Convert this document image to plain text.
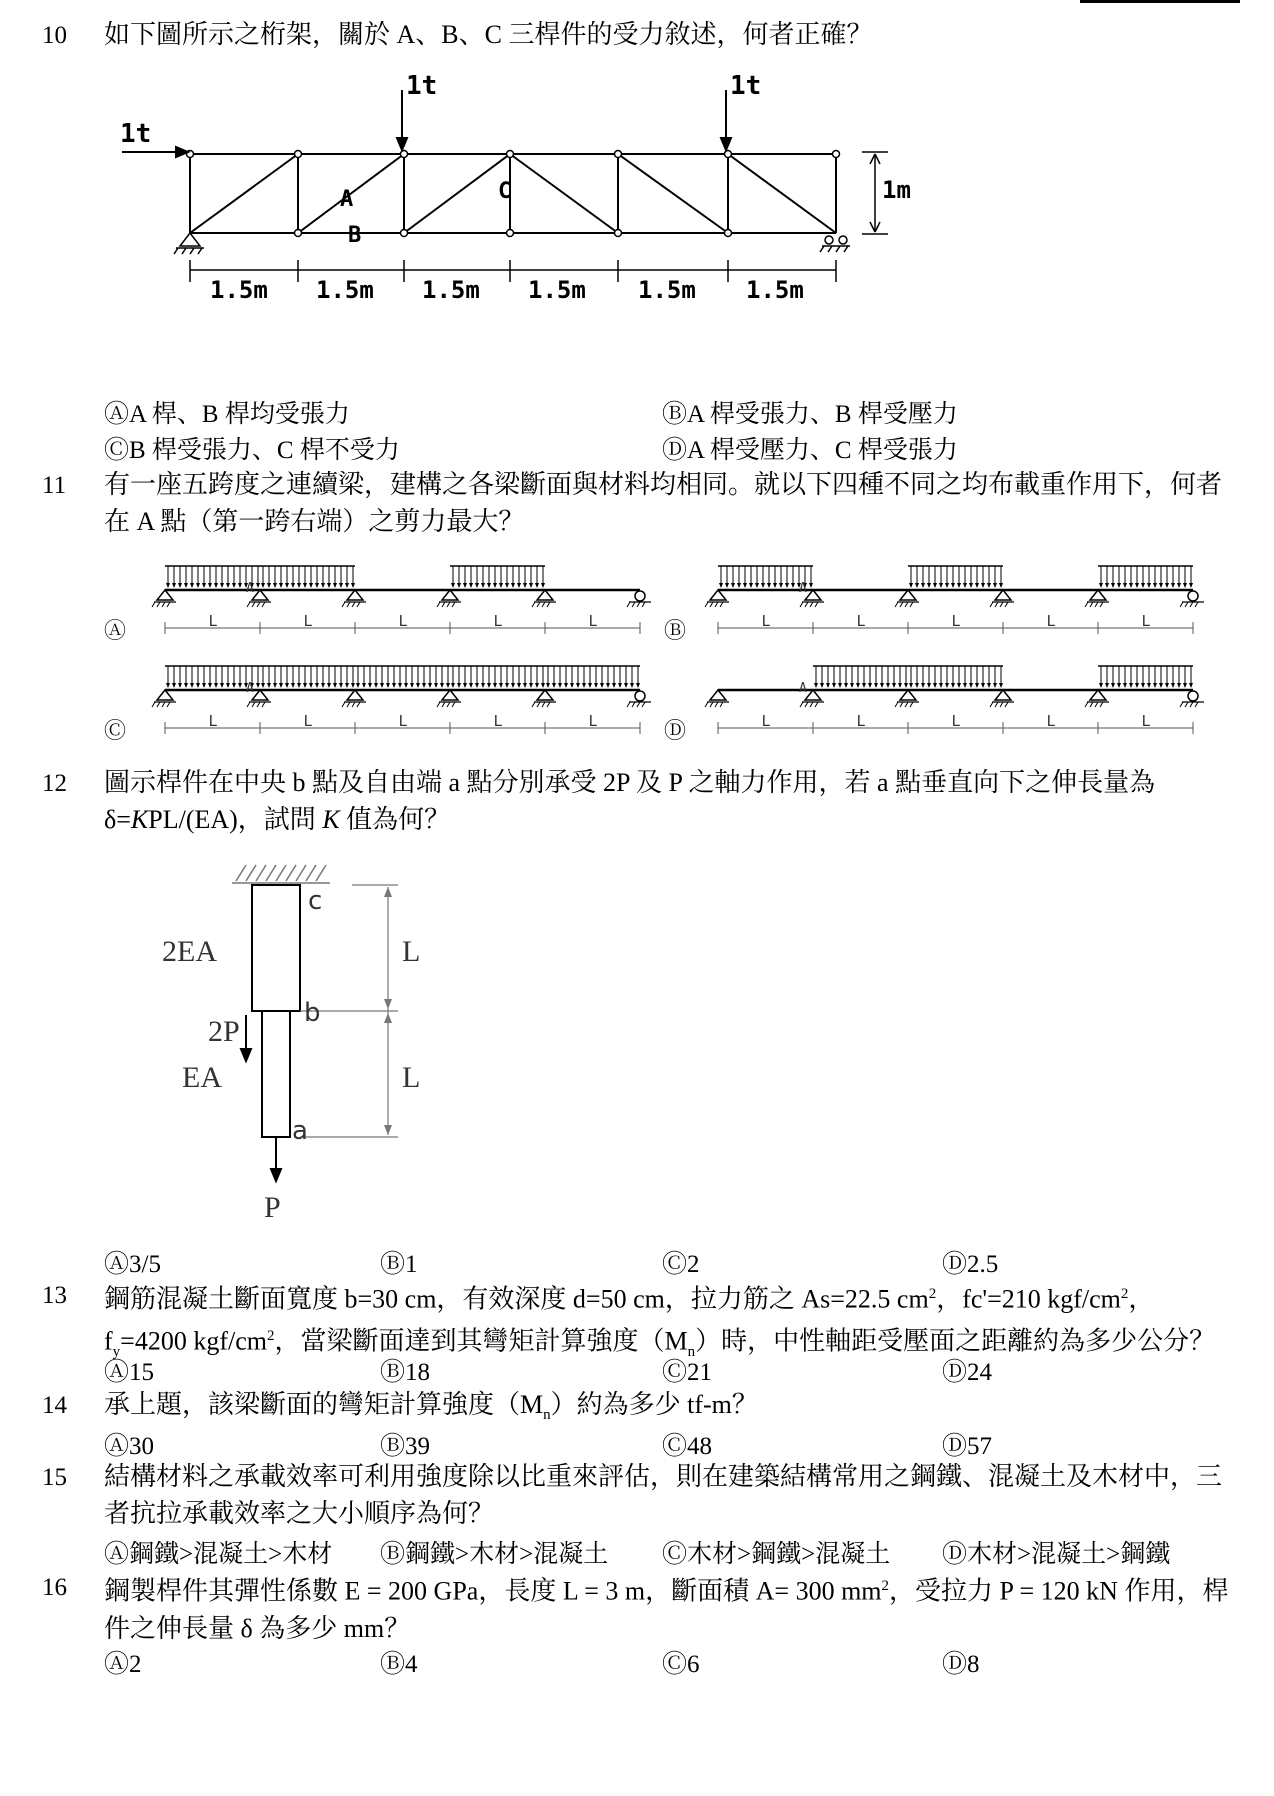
10 如下圖所示之桁架，關於 A、B、C 三桿件的受力敘述，何者正確？
1t
1t	1t
A
B
C	1m
1.5m 1.5m 1.5m 1.5m 1.5m 1.5m
ⒶA 桿、B 桿均受張力	ⒷA 桿受張力、B 桿受壓力
ⒸB 桿受張力、C 桿不受力	ⒹA 桿受壓力、C 桿受張力
11 有一座五跨度之連續梁，建構之各梁斷面與材料均相同。就以下四種不同之均布載重作用下，何者在 A 點（第一跨右端）之剪力最大？
Ⓐ	Ⓑ
Ⓒ	Ⓓ
L	L	L	L	L
A
L	L	L	L	L
A
L	L	L	L	L
A
L	L	L	L	L
A
12 圖示桿件在中央 b 點及自由端 a 點分別承受 2P 及 P 之軸力作用，若 a 點垂直向下之伸長量為 δ=KPL/(EA)，試問 K 值為何？
c
b
a
2EA
EA
2P
P
L
L
Ⓐ3/5	Ⓑ1	Ⓒ2	Ⓓ2.5
13 鋼筋混凝土斷面寬度 b=30 cm，有效深度 d=50 cm，拉力筋之 As=22.5 $cm^2$，fc'=210 kgf/$cm^2$，
$f_y=4200$ kgf/$cm^2$，當梁斷面達到其彎矩計算強度$(M_n)$時，中性軸距受壓面之距離約為多少公分？
Ⓐ15	Ⓑ18	Ⓒ21	Ⓓ24
14 承上題，該梁斷面的彎矩計算強度$(M_n)$約為多少 tf-m？
Ⓐ30	Ⓑ39	Ⓒ48	Ⓓ57
15 結構材料之承載效率可利用強度除以比重來評估，則在建築結構常用之鋼鐵、混凝土及木材中，三者抗拉承載效率之大小順序為何？
Ⓐ鋼鐵>混凝土>木材 Ⓑ鋼鐵>木材>混凝土 Ⓒ木材>鋼鐵>混凝土 Ⓓ木材>混凝土>鋼鐵
16 鋼製桿件其彈性係數 E = 200 GPa，長度 L = 3 m，斷面積 A= 300 $mm^2$，受拉力 P = 120 kN 作用，桿件之伸長量 δ 為多少 mm？
Ⓐ2	Ⓑ4	Ⓒ6	Ⓓ8
